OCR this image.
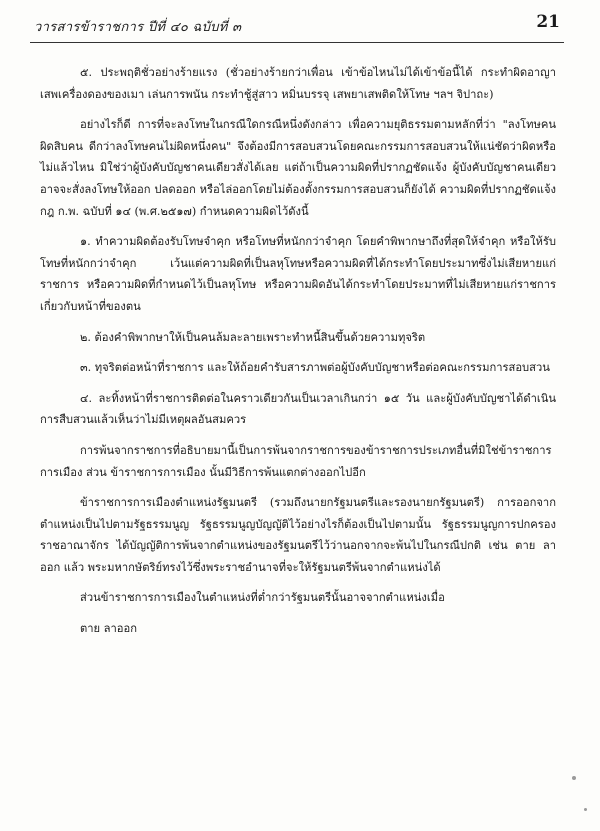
วารสารข้าราชการ ปีที่ ๔๐ ฉบับที่ ๓	21

๕. ประพฤติชั่วอย่างร้ายแรง (ชั่วอย่างร้ายกว่าเพื่อน เข้าข้อไหนไม่ได้เข้าข้อนี้ได้ กระทำผิดอาญา เสพเครื่องดองของเมา เล่นการพนัน กระทำชู้สู่สาว หมิ่นบรรจุ เสพยาเสพติดให้โทษ ฯลฯ จิปาถะ)

อย่างไรก็ดี การที่จะลงโทษในกรณีใดกรณีหนึ่งดังกล่าว เพื่อความยุติธรรมตามหลักที่ว่า "ลงโทษคนผิดสิบคน ดีกว่าลงโทษคนไม่ผิดหนึ่งคน" จึงต้องมีการสอบสวนโดยคณะกรรมการสอบสวนให้แน่ชัดว่าผิดหรือไม่แล้วไหน มิใช่ว่าผู้บังคับบัญชาคนเดียวสั่งได้เลย แต่ถ้าเป็นความผิดที่ปรากฏชัดแจ้ง ผู้บังคับบัญชาคนเดียวอาจจะสั่งลงโทษให้ออก ปลดออก หรือไล่ออกโดยไม่ต้องตั้งกรรมการสอบสวนก็ยังได้ ความผิดที่ปรากฏชัดแจ้ง กฎ ก.พ. ฉบับที่ ๑๔ (พ.ศ.๒๕๑๗) กำหนดความผิดไว้ดังนี้

๑. ทำความผิดต้องรับโทษจำคุก หรือโทษที่หนักกว่าจำคุก โดยคำพิพากษาถึงที่สุดให้จำคุก หรือให้รับโทษที่หนักกว่าจำคุก เว้นแต่ความผิดที่เป็นลหุโทษหรือความผิดที่ได้กระทำโดยประมาทซึ่งไม่เสียหายแก่ราชการ หรือความผิดที่กำหนดไว้เป็นลหุโทษ หรือความผิดอันได้กระทำโดยประมาทที่ไม่เสียหายแก่ราชการ เกี่ยวกับหน้าที่ของตน

๒. ต้องคำพิพากษาให้เป็นคนล้มละลายเพราะทำหนี้สินขึ้นด้วยความทุจริต

๓. ทุจริตต่อหน้าที่ราชการ และให้ถ้อยคำรับสารภาพต่อผู้บังคับบัญชาหรือต่อคณะกรรมการสอบสวน

๔. ละทิ้งหน้าที่ราชการติดต่อในคราวเดียวกันเป็นเวลาเกินกว่า ๑๕ วัน และผู้บังคับบัญชาได้ดำเนินการสืบสวนแล้วเห็นว่าไม่มีเหตุผลอันสมควร

การพ้นจากราชการที่อธิบายมานี้เป็นการพ้นจากราชการของข้าราชการประเภทอื่นที่มิใช่ข้าราชการการเมือง ส่วน ข้าราชการการเมือง นั้นมีวิธีการพ้นแตกต่างออกไปอีก

ข้าราชการการเมืองตำแหน่งรัฐมนตรี (รวมถึงนายกรัฐมนตรีและรองนายกรัฐมนตรี) การออกจากตำแหน่งเป็นไปตามรัฐธรรมนูญ รัฐธรรมนูญบัญญัติไว้อย่างไรก็ต้องเป็นไปตามนั้น รัฐธรรมนูญการปกครองราชอาณาจักร ได้บัญญัติการพ้นจากตำแหน่งของรัฐมนตรีไว้ว่านอกจากจะพ้นไปในกรณีปกติ เช่น ตาย ลาออก แล้ว พระมหากษัตริย์ทรงไว้ซึ่งพระราชอำนาจที่จะให้รัฐมนตรีพ้นจากตำแหน่งได้

ส่วนข้าราชการการเมืองในตำแหน่งที่ต่ำกว่ารัฐมนตรีนั้นอาจจากตำแหน่งเมื่อ

ตาย ลาออก
